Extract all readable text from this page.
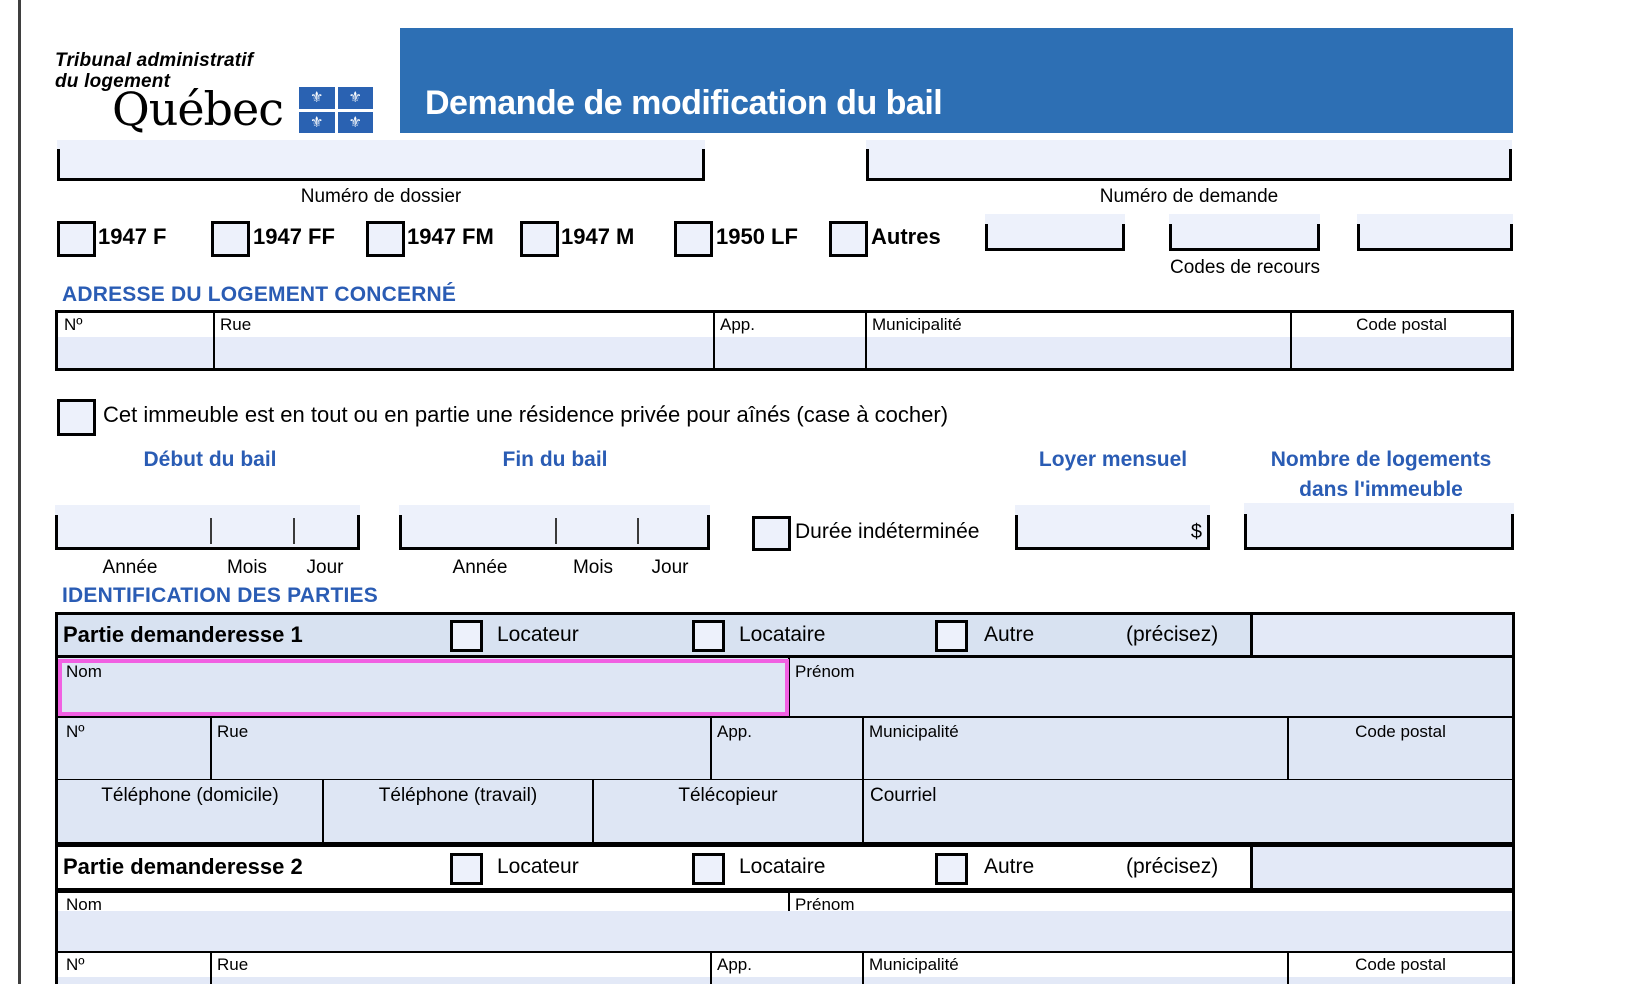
Tribunal administratif
du logement
Québec	⚜	⚜
⚜	⚜
Demande de modification du bail
Numéro de dossier	Numéro de demande
1947 F	1947 FF	1947 FM	1947 M	1950 LF	Autres
Codes de recours
ADRESSE DU LOGEMENT CONCERNÉ
Nº	Rue	App.	Municipalité	Code postal
Cet immeuble est en tout ou en partie une résidence privée pour aînés (case à cocher)
Début du bail	Fin du bail	Loyer mensuel	Nombre de logements
dans l'immeuble
Année	Mois	Jour	Année	Mois	Jour
Durée indéterminée	$
IDENTIFICATION DES PARTIES
Partie demanderesse 1	Locateur	Locataire	Autre	(précisez)
Nom	Prénom
Nº	Rue	App.	Municipalité	Code postal
Téléphone (domicile)	Téléphone (travail)	Télécopieur	Courriel
Partie demanderesse 2	Locateur	Locataire	Autre	(précisez)
Nom	Prénom
Nº	Rue	App.	Municipalité	Code postal
